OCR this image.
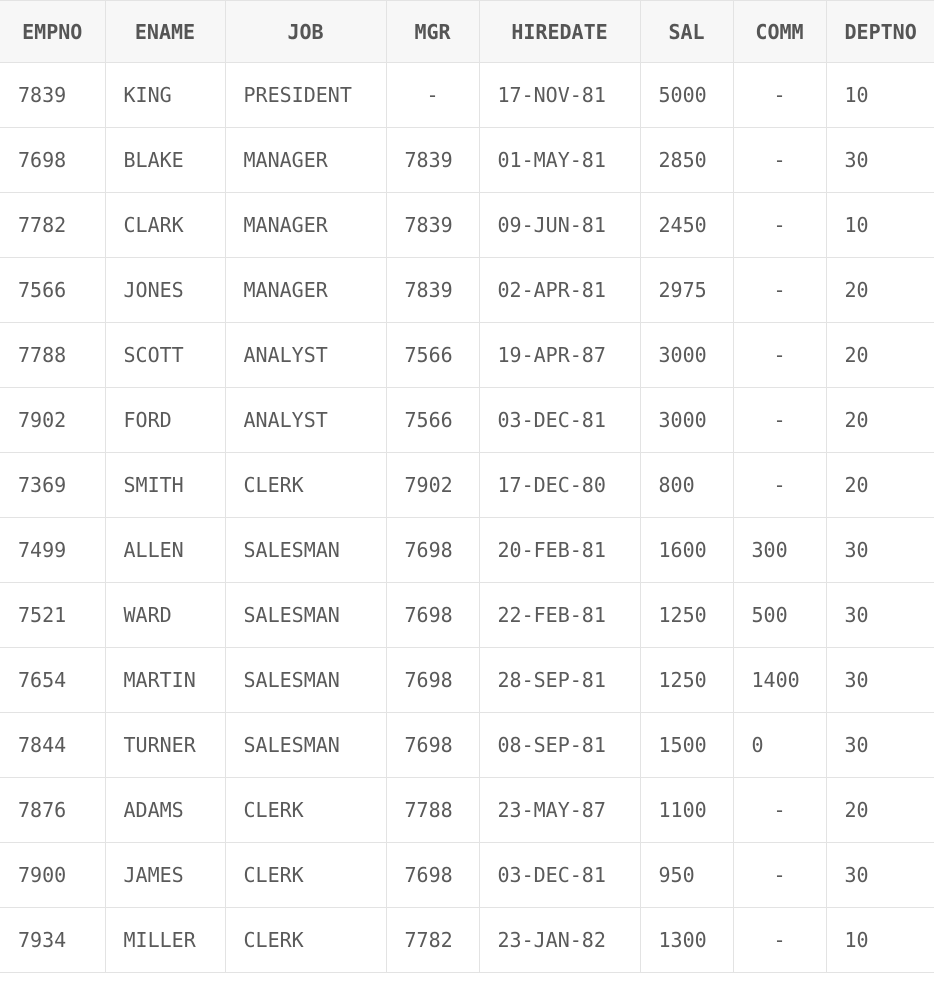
EMPNO	ENAME	JOB	MGR	HIREDATE	SAL	COMM	DEPTNO
7839	KING	PRESIDENT	-	17-NOV-81	5000	-	10
7698	BLAKE	MANAGER	7839	01-MAY-81	2850	-	30
7782	CLARK	MANAGER	7839	09-JUN-81	2450	-	10
7566	JONES	MANAGER	7839	02-APR-81	2975	-	20
7788	SCOTT	ANALYST	7566	19-APR-87	3000	-	20
7902	FORD	ANALYST	7566	03-DEC-81	3000	-	20
7369	SMITH	CLERK	7902	17-DEC-80	800	-	20
7499	ALLEN	SALESMAN	7698	20-FEB-81	1600	300	30
7521	WARD	SALESMAN	7698	22-FEB-81	1250	500	30
7654	MARTIN	SALESMAN	7698	28-SEP-81	1250	1400	30
7844	TURNER	SALESMAN	7698	08-SEP-81	1500	0	30
7876	ADAMS	CLERK	7788	23-MAY-87	1100	-	20
7900	JAMES	CLERK	7698	03-DEC-81	950	-	30
7934	MILLER	CLERK	7782	23-JAN-82	1300	-	10
